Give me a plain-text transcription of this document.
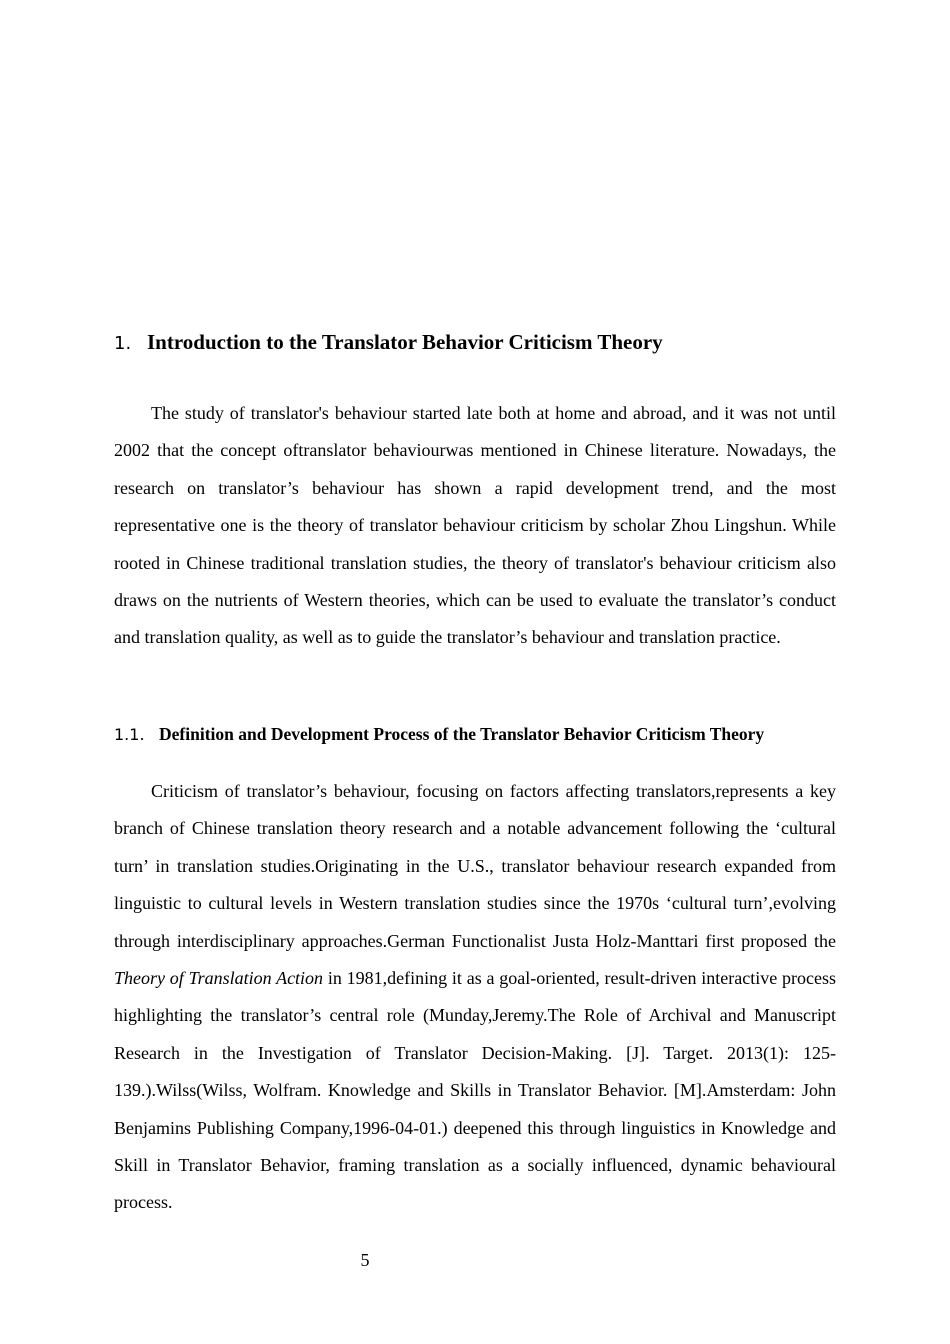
1. Introduction to the Translator Behavior Criticism Theory

The study of translator's behaviour started late both at home and abroad, and it was not until 2002 that the concept oftranslator behaviourwas mentioned in Chinese literature. Nowadays, the research on translator’s behaviour has shown a rapid development trend, and the most representative one is the theory of translator behaviour criticism by scholar Zhou Lingshun. While rooted in Chinese traditional translation studies, the theory of translator's behaviour criticism also draws on the nutrients of Western theories, which can be used to evaluate the translator’s conduct and translation quality, as well as to guide the translator’s behaviour and translation practice.

1.1. Definition and Development Process of the Translator Behavior Criticism Theory

Criticism of translator’s behaviour, focusing on factors affecting translators,represents a key branch of Chinese translation theory research and a notable advancement following the ‘cultural turn’ in translation studies.Originating in the U.S., translator behaviour research expanded from linguistic to cultural levels in Western translation studies since the 1970s ‘cultural turn’,evolving through interdisciplinary approaches.German Functionalist Justa Holz-Manttari first proposed the Theory of Translation Action in 1981,defining it as a goal-oriented, result-driven interactive process highlighting the translator’s central role (Munday,Jeremy.The Role of Archival and Manuscript Research in the Investigation of Translator Decision-Making. [J]. Target. 2013(1): 125-139.).Wilss(Wilss, Wolfram. Knowledge and Skills in Translator Behavior. [M].Amsterdam: John Benjamins Publishing Company,1996-04-01.) deepened this through linguistics in Knowledge and Skill in Translator Behavior, framing translation as a socially influenced, dynamic behavioural process.

5
